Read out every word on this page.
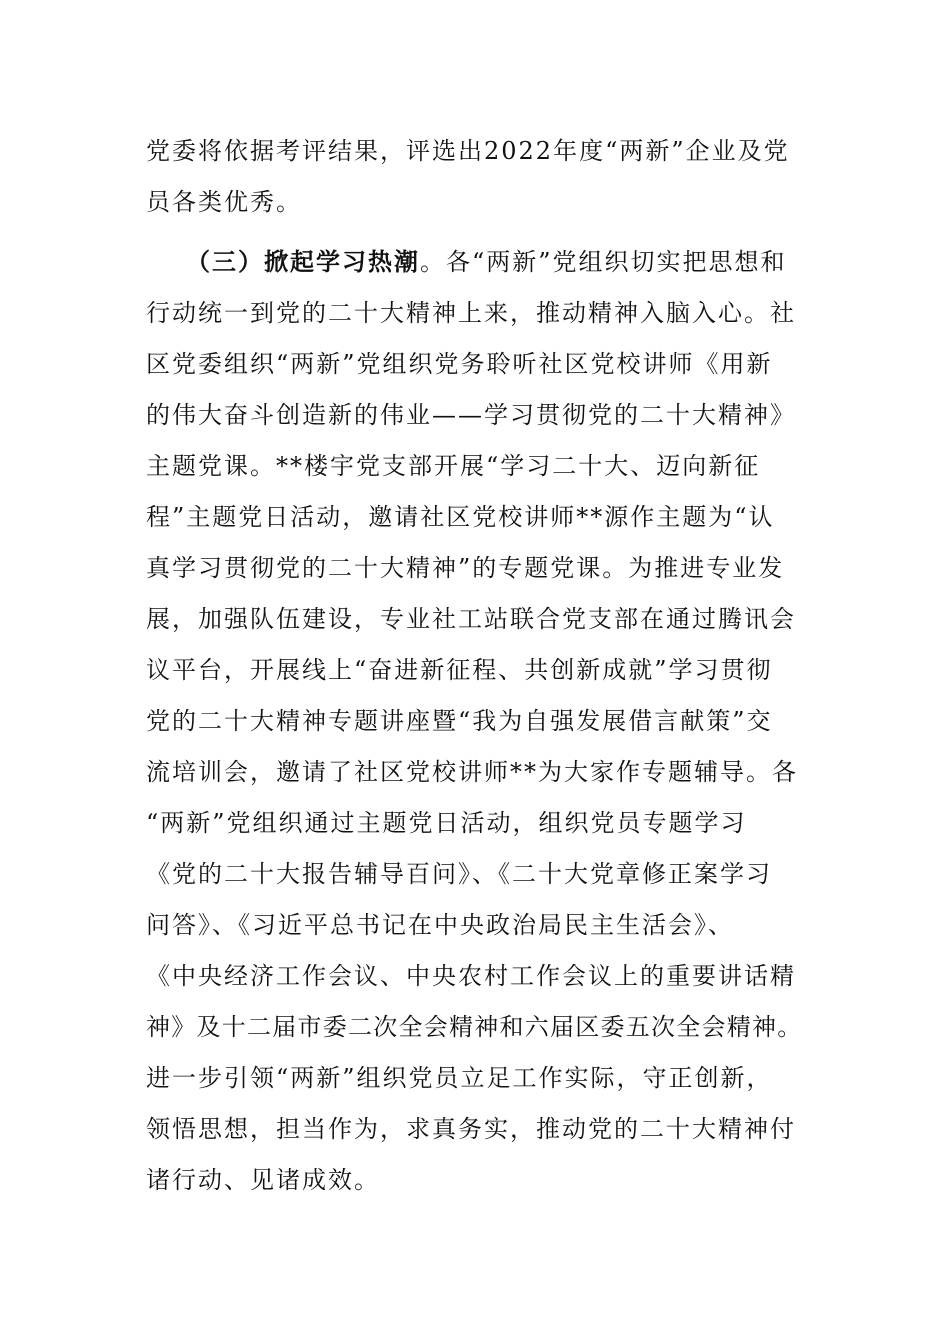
党委将依据考评结果，评选出2022年度“两新”企业及党
员各类优秀。
（三）掀起学习热潮。各“两新”党组织切实把思想和
行动统一到党的二十大精神上来，推动精神入脑入心。社
区党委组织“两新”党组织党务聆听社区党校讲师《用新
的伟大奋斗创造新的伟业——学习贯彻党的二十大精神》
主题党课。**楼宇党支部开展“学习二十大、迈向新征
程”主题党日活动，邀请社区党校讲师**源作主题为“认
真学习贯彻党的二十大精神”的专题党课。为推进专业发
展，加强队伍建设，专业社工站联合党支部在通过腾讯会
议平台，开展线上“奋进新征程、共创新成就”学习贯彻
党的二十大精神专题讲座暨“我为自强发展借言献策”交
流培训会，邀请了社区党校讲师**为大家作专题辅导。各
“两新”党组织通过主题党日活动，组织党员专题学习
《党的二十大报告辅导百问》、《二十大党章修正案学习
问答》、《习近平总书记在中央政治局民主生活会》、
《中央经济工作会议、中央农村工作会议上的重要讲话精
神》及十二届市委二次全会精神和六届区委五次全会精神。
进一步引领“两新”组织党员立足工作实际，守正创新，
领悟思想，担当作为，求真务实，推动党的二十大精神付
诸行动、见诸成效。
